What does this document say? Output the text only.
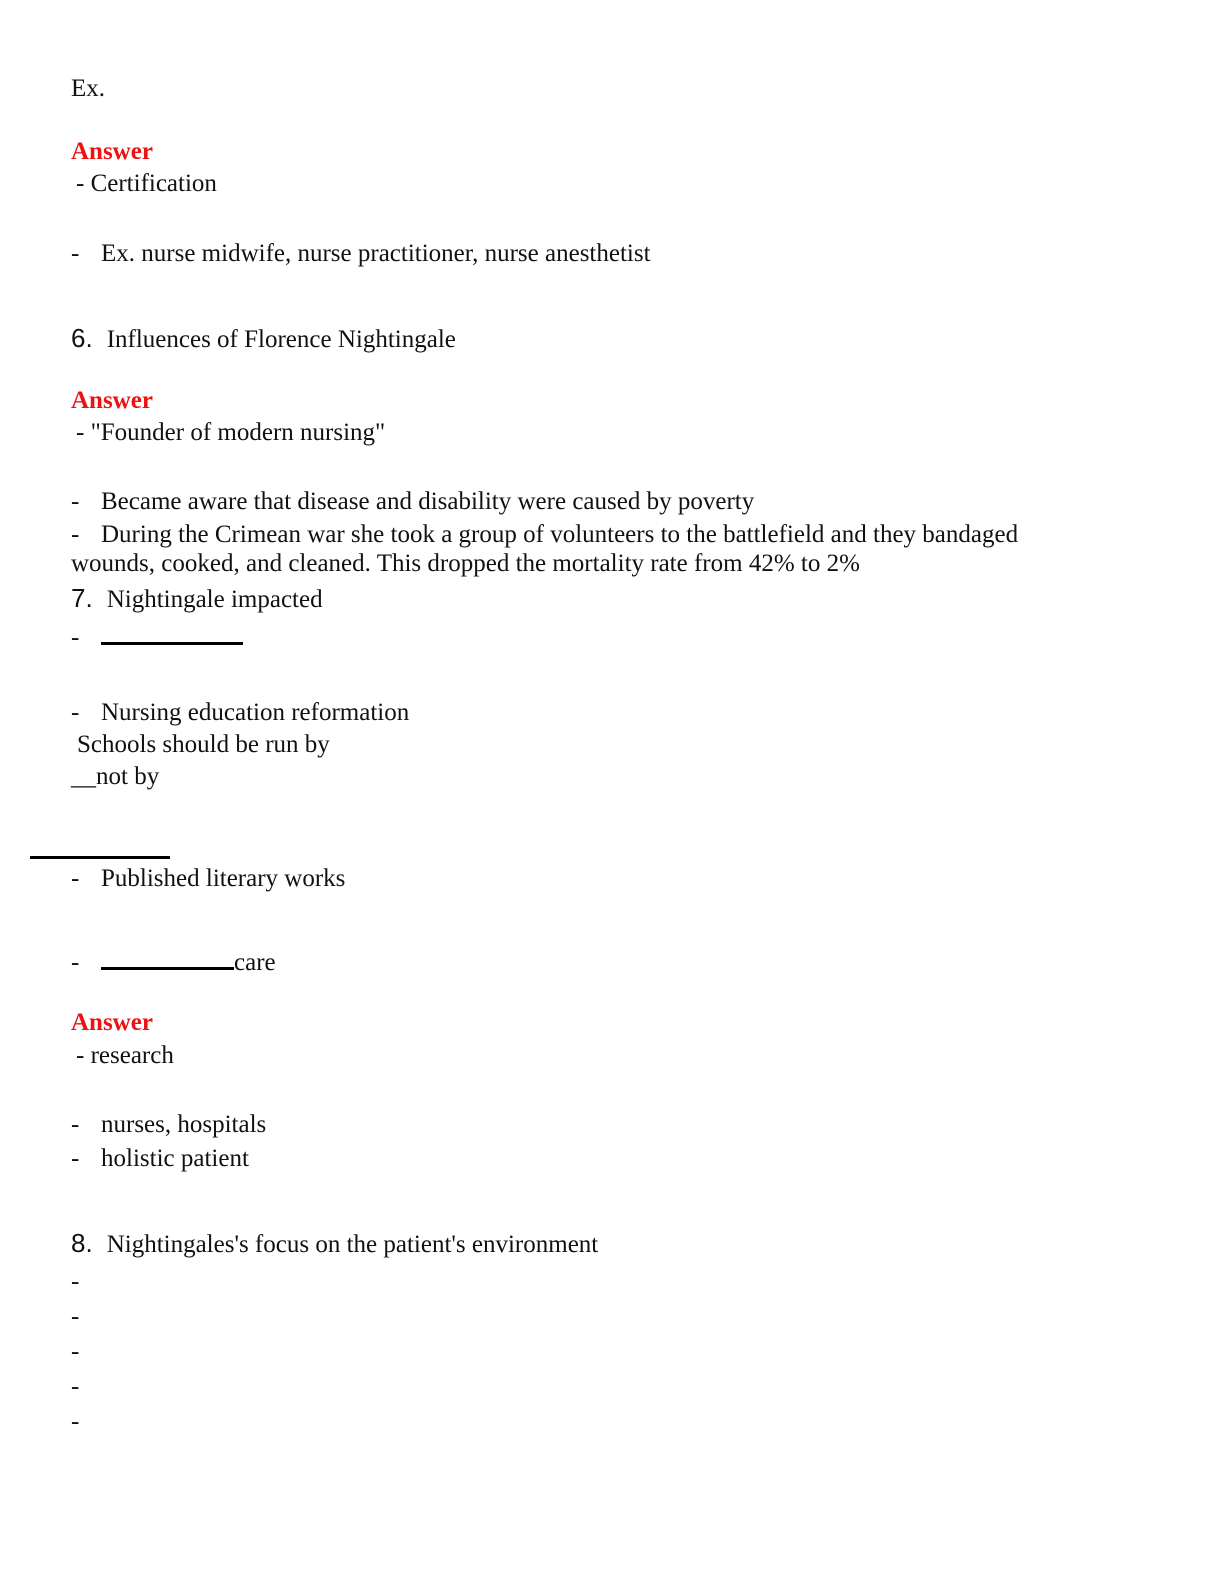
Ex.
Answer
- Certification
- Ex. nurse midwife, nurse practitioner, nurse anesthetist
6. Influences of Florence Nightingale
Answer
- "Founder of modern nursing"
- Became aware that disease and disability were caused by poverty
- During the Crimean war she took a group of volunteers to the battlefield and they bandaged
wounds, cooked, and cleaned. This dropped the mortality rate from 42% to 2%
7. Nightingale impacted
-
- Nursing education reformation
Schools should be run by
__not by
- Published literary works
-	care
Answer
- research
- nurses, hospitals
- holistic patient
8. Nightingales's focus on the patient's environment
-
-
-
-
-
